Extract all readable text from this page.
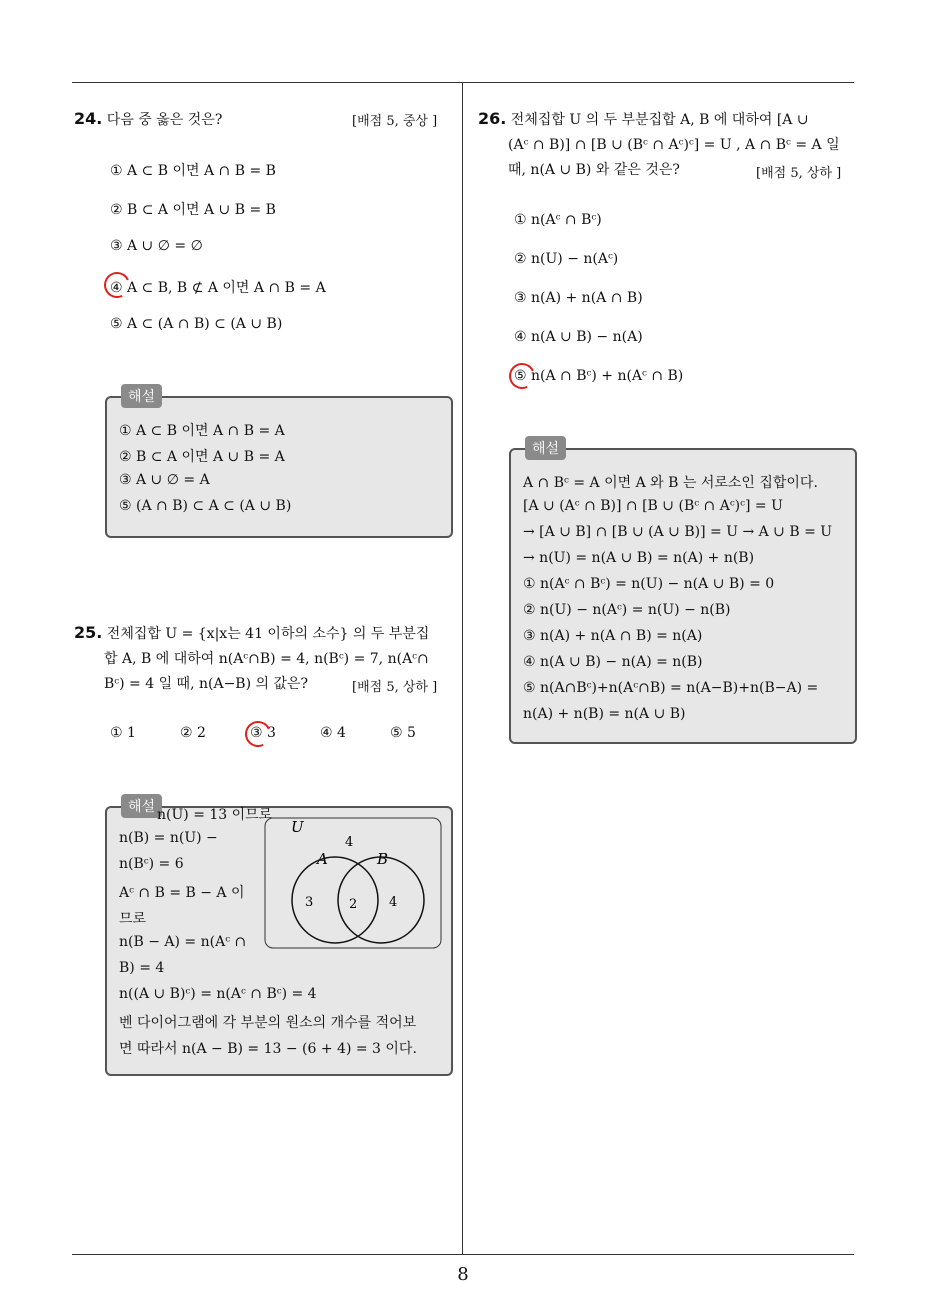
24. 다음 중 옳은 것은?	[배점 5, 중상 ]
① A ⊂ B 이면 A ∩ B = B
② B ⊂ A 이면 A ∪ B = B
③ A ∪ ∅ = ∅
④ A ⊂ B, B ⊄ A 이면 A ∩ B = A
⑤ A ⊂ (A ∩ B) ⊂ (A ∪ B)
해설
① A ⊂ B 이면 A ∩ B = A
② B ⊂ A 이면 A ∪ B = A
③ A ∪ ∅ = A
⑤ (A ∩ B) ⊂ A ⊂ (A ∪ B)
25. 전체집합 U = {x|x는 41 이하의 소수} 의 두 부분집
합 A, B 에 대하여 n(Aᶜ∩B) = 4, n(Bᶜ) = 7, n(Aᶜ∩
Bᶜ) = 4 일 때, n(A−B) 의 값은?	[배점 5, 상하 ]
① 1	② 2	③ 3	④ 4	⑤ 5
해설 n(U) = 13 이므로
n(B) = n(U) −
n(Bᶜ) = 6
Aᶜ ∩ B = B − A 이
므로
n(B − A) = n(Aᶜ ∩
B) = 4
n((A ∪ B)ᶜ) = n(Aᶜ ∩ Bᶜ) = 4
벤 다이어그램에 각 부분의 원소의 개수를 적어보
면 따라서 n(A − B) = 13 − (6 + 4) = 3 이다.
U
4
A	B
3	2 4
26. 전체집합 U 의 두 부분집합 A, B 에 대하여 [A ∪
(Aᶜ ∩ B)] ∩ [B ∪ (Bᶜ ∩ Aᶜ)ᶜ] = U , A ∩ Bᶜ = A 일
때, n(A ∪ B) 와 같은 것은?	[배점 5, 상하 ]
① n(Aᶜ ∩ Bᶜ)
② n(U) − n(Aᶜ)
③ n(A) + n(A ∩ B)
④ n(A ∪ B) − n(A)
⑤ n(A ∩ Bᶜ) + n(Aᶜ ∩ B)
해설
A ∩ Bᶜ = A 이면 A 와 B 는 서로소인 집합이다.
[A ∪ (Aᶜ ∩ B)] ∩ [B ∪ (Bᶜ ∩ Aᶜ)ᶜ] = U
→ [A ∪ B] ∩ [B ∪ (A ∪ B)] = U → A ∪ B = U
→ n(U) = n(A ∪ B) = n(A) + n(B)
① n(Aᶜ ∩ Bᶜ) = n(U) − n(A ∪ B) = 0
② n(U) − n(Aᶜ) = n(U) − n(B)
③ n(A) + n(A ∩ B) = n(A)
④ n(A ∪ B) − n(A) = n(B)
⑤ n(A∩Bᶜ)+n(Aᶜ∩B) = n(A−B)+n(B−A) =
n(A) + n(B) = n(A ∪ B)
8
